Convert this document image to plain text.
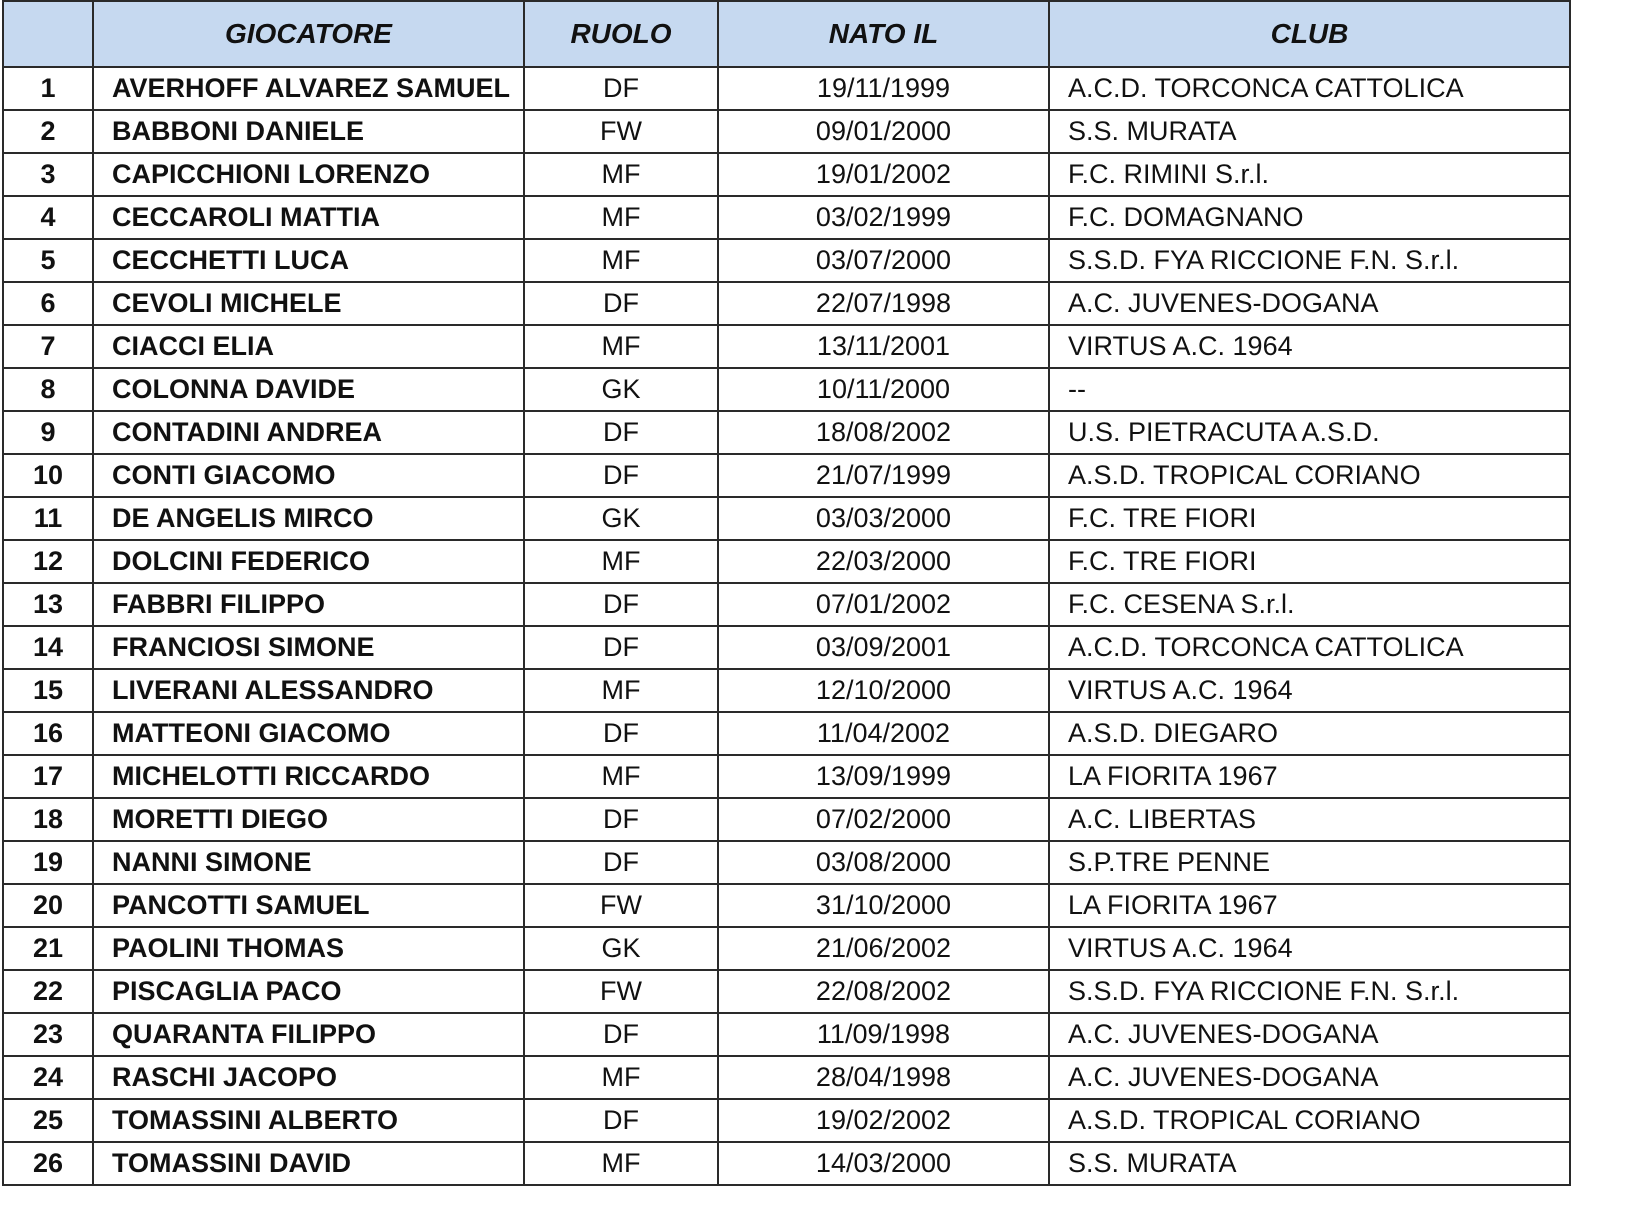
	GIOCATORE	RUOLO	NATO IL	CLUB
1	AVERHOFF ALVAREZ SAMUEL	DF	19/11/1999	A.C.D. TORCONCA CATTOLICA
2	BABBONI DANIELE	FW	09/01/2000	S.S. MURATA
3	CAPICCHIONI LORENZO	MF	19/01/2002	F.C. RIMINI S.r.l.
4	CECCAROLI MATTIA	MF	03/02/1999	F.C. DOMAGNANO
5	CECCHETTI LUCA	MF	03/07/2000	S.S.D. FYA RICCIONE F.N. S.r.l.
6	CEVOLI MICHELE	DF	22/07/1998	A.C. JUVENES-DOGANA
7	CIACCI ELIA	MF	13/11/2001	VIRTUS A.C. 1964
8	COLONNA DAVIDE	GK	10/11/2000	--
9	CONTADINI ANDREA	DF	18/08/2002	U.S. PIETRACUTA A.S.D.
10	CONTI GIACOMO	DF	21/07/1999	A.S.D. TROPICAL CORIANO
11	DE ANGELIS MIRCO	GK	03/03/2000	F.C. TRE FIORI
12	DOLCINI FEDERICO	MF	22/03/2000	F.C. TRE FIORI
13	FABBRI FILIPPO	DF	07/01/2002	F.C. CESENA S.r.l.
14	FRANCIOSI SIMONE	DF	03/09/2001	A.C.D. TORCONCA CATTOLICA
15	LIVERANI ALESSANDRO	MF	12/10/2000	VIRTUS A.C. 1964
16	MATTEONI GIACOMO	DF	11/04/2002	A.S.D. DIEGARO
17	MICHELOTTI RICCARDO	MF	13/09/1999	LA FIORITA 1967
18	MORETTI DIEGO	DF	07/02/2000	A.C. LIBERTAS
19	NANNI SIMONE	DF	03/08/2000	S.P.TRE PENNE
20	PANCOTTI SAMUEL	FW	31/10/2000	LA FIORITA 1967
21	PAOLINI THOMAS	GK	21/06/2002	VIRTUS A.C. 1964
22	PISCAGLIA PACO	FW	22/08/2002	S.S.D. FYA RICCIONE F.N. S.r.l.
23	QUARANTA FILIPPO	DF	11/09/1998	A.C. JUVENES-DOGANA
24	RASCHI JACOPO	MF	28/04/1998	A.C. JUVENES-DOGANA
25	TOMASSINI ALBERTO	DF	19/02/2002	A.S.D. TROPICAL CORIANO
26	TOMASSINI DAVID	MF	14/03/2000	S.S. MURATA
